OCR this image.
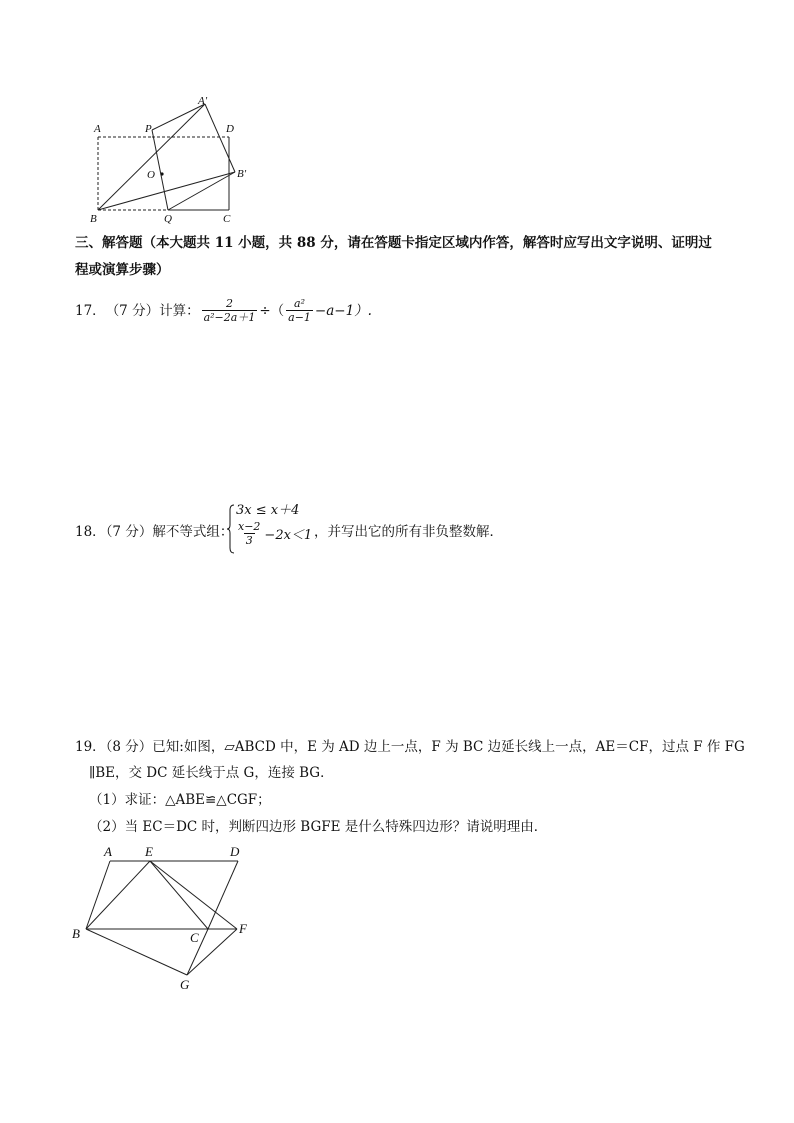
A	P
A′
D
O	B′
B	Q	C
三、解答题（本大题共 11 小题，共 88 分，请在答题卡指定区域内作答，解答时应写出文字说明、证明过
程或演算步骤）
17． （7 分）计算： $\frac{2}{\text{a²−2a＋1}}$ ÷（ $\frac{\text{a²}}{a-1} -a-1$）.
18．（7 分）解不等式组：
3x ≤ x＋4
$\frac{x-2}{3} -2x<1$ ，并写出它的所有非负整数解．
19．（8 分）已知:如图，▱ABCD 中，E 为 AD 边上一点，F 为 BC 边延长线上一点，AE＝CF，过点 F 作 FG
∥BE，交 DC 延长线于点 G，连接 BG．
（1）求证：△ABE≌△CGF；
（2）当 EC＝DC 时，判断四边形 BGFE 是什么特殊四边形？请说明理由．
A	E	D
B	C
F
G
